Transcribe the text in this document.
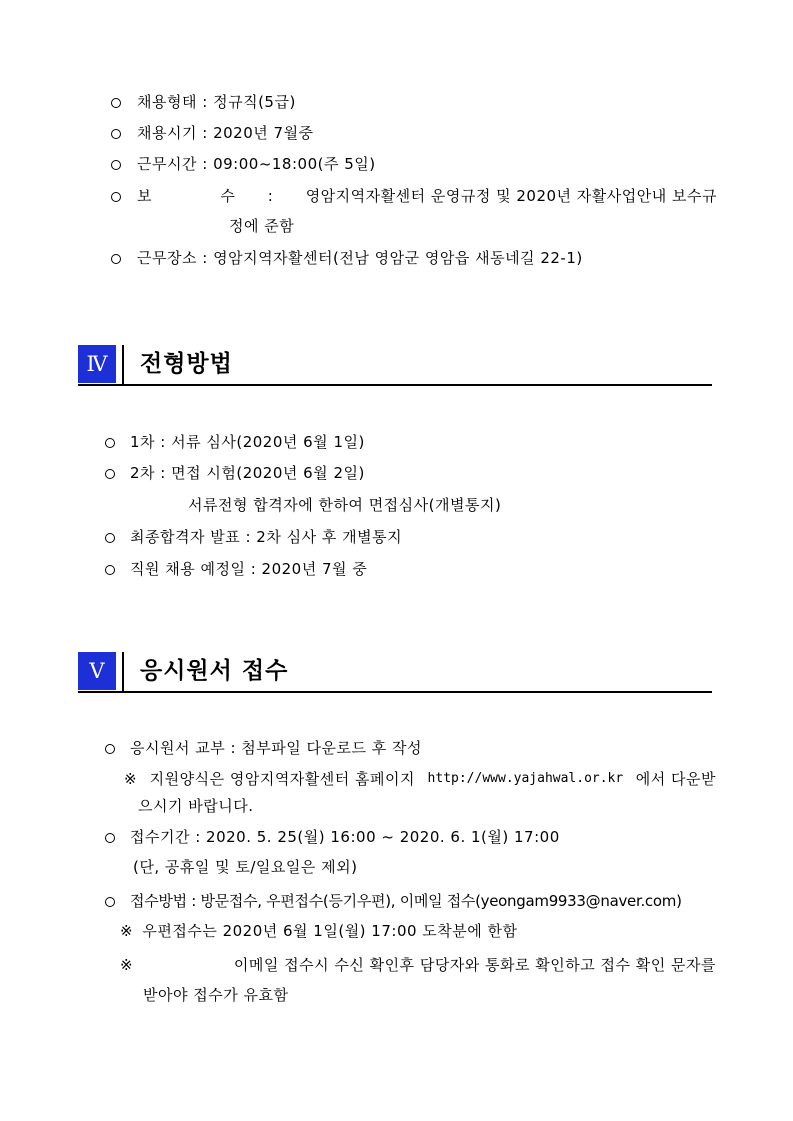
채용형태 : 정규직(5급)
채용시기 : 2020년 7월중
근무시간 : 09:00~18:00(주 5일)
보	수 : 영암지역자활센터 운영규정 및 2020년 자활사업안내 보수규
정에 준함
근무장소 : 영암지역자활센터(전남 영암군 영암읍 새동네길 22-1)
Ⅳ	전형방법
1차 : 서류 심사(2020년 6월 1일)
2차 : 면접 시험(2020년 6월 2일)
서류전형 합격자에 한하여 면접심사(개별통지)
최종합격자 발표 : 2차 심사 후 개별통지
직원 채용 예정일 : 2020년 7월 중
Ⅴ	응시원서 접수
응시원서 교부 : 첨부파일 다운로드 후 작성
※ 지원양식은 영암지역자활센터 홈페이지 http://www.yajahwal.or.kr 에서 다운받
으시기 바랍니다.
접수기간 : 2020. 5. 25(월) 16:00 ~ 2020. 6. 1(월) 17:00
(단, 공휴일 및 토/일요일은 제외)
접수방법 : 방문접수, 우편접수(등기우편), 이메일 접수(yeongam9933@naver.com)
※ 우편접수는 2020년 6월 1일(월) 17:00 도착분에 한함
※	이메일 접수시 수신 확인후 담당자와 통화로 확인하고 접수 확인 문자를
받아야 접수가 유효함
